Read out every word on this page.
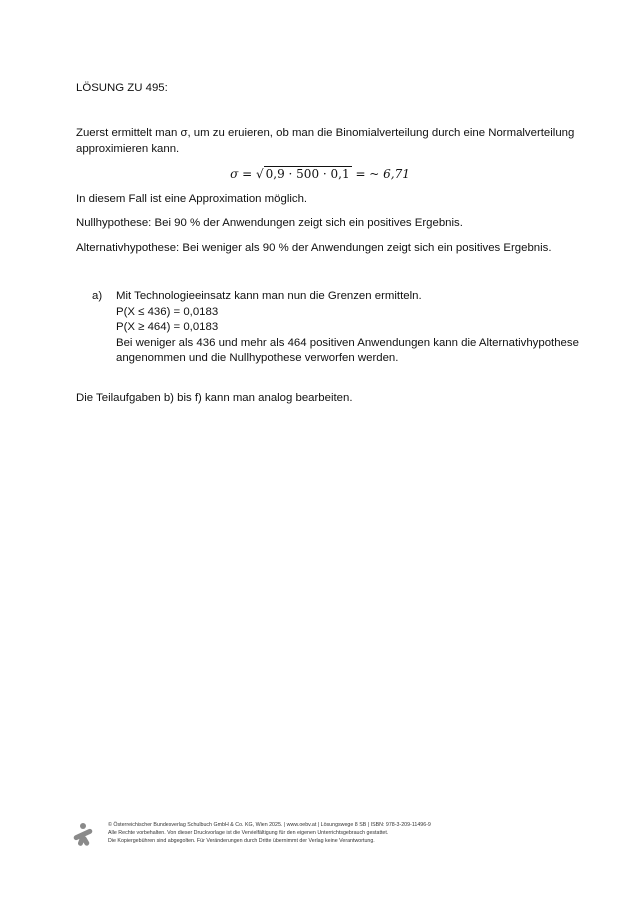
LÖSUNG ZU 495:

Zuerst ermittelt man σ, um zu eruieren, ob man die Binomialverteilung durch eine Normalverteilung
approximieren kann.
σ = √ 0,9 · 500 · 0,1 = ~ 6,71

In diesem Fall ist eine Approximation möglich.

Nullhypothese: Bei 90 % der Anwendungen zeigt sich ein positives Ergebnis.

Alternativhypothese: Bei weniger als 90 % der Anwendungen zeigt sich ein positives Ergebnis.

a) Mit Technologieeinsatz kann man nun die Grenzen ermitteln.
P(X ≤ 436) = 0,0183
P(X ≥ 464) = 0,0183
Bei weniger als 436 und mehr als 464 positiven Anwendungen kann die Alternativhypothese
angenommen und die Nullhypothese verworfen werden.

Die Teilaufgaben b) bis f) kann man analog bearbeiten.

© Österreichischer Bundesverlag Schulbuch GmbH & Co. KG, Wien 2025. | www.oebv.at | Lösungswege 8 SB | ISBN: 978-3-209-11496-9
Alle Rechte vorbehalten. Von dieser Druckvorlage ist die Vervielfältigung für den eigenen Unterrichtsgebrauch gestattet.
Die Kopiergebühren sind abgegolten. Für Veränderungen durch Dritte übernimmt der Verlag keine Verantwortung.
